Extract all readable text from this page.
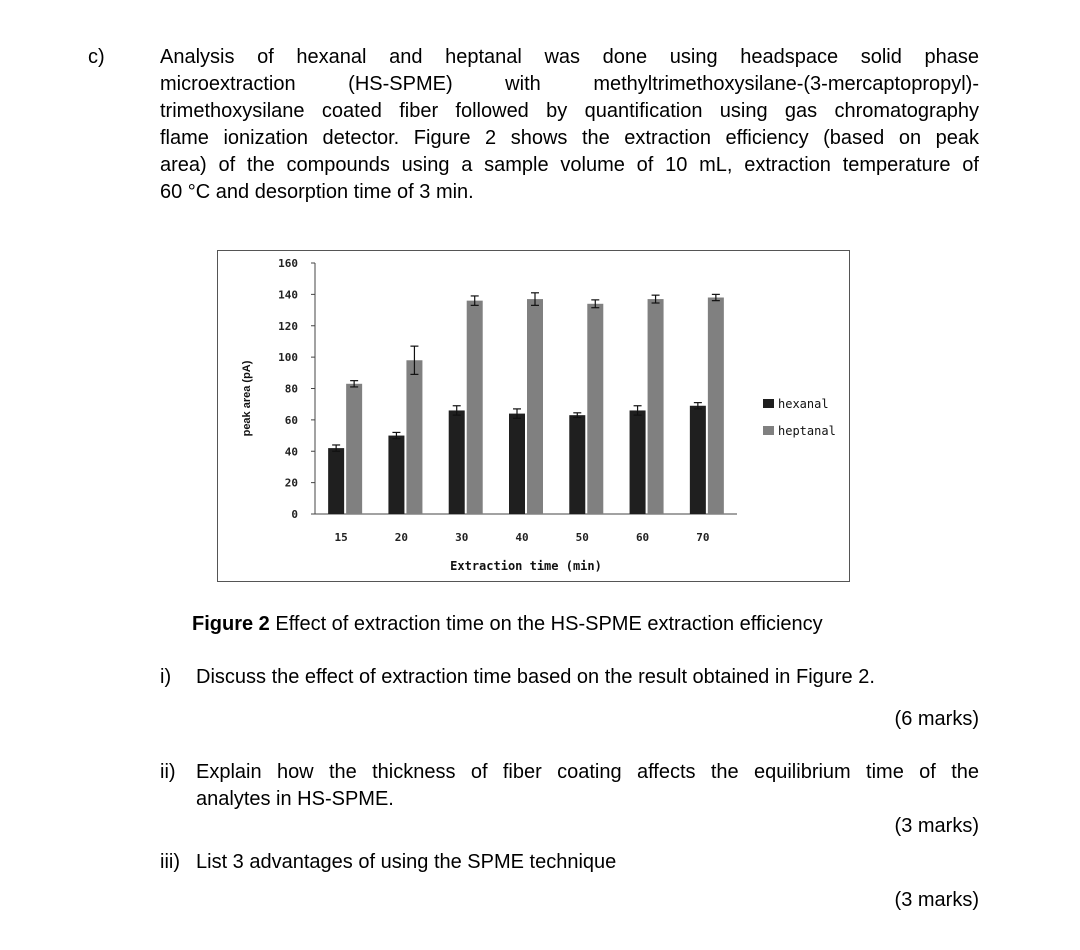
c)	Analysis of hexanal and heptanal was done using headspace solid phase
microextraction (HS-SPME) with methyltrimethoxysilane-(3-mercaptopropyl)-
trimethoxysilane coated fiber followed by quantification using gas chromatography
flame ionization detector. Figure 2 shows the extraction efficiency (based on peak
area) of the compounds using a sample volume of 10 mL, extraction temperature of
60 °C and desorption time of 3 min.
0
20
40
60
80
100
120
140
160
15	20	30	40	50	60	70
Extraction time (min)
peak area (pA)	hexanal
heptanal
Figure 2 Effect of extraction time on the HS-SPME extraction efficiency
i) Discuss the effect of extraction time based on the result obtained in Figure 2.
(6 marks)
ii) Explain how the thickness of fiber coating affects the equilibrium time of the
analytes in HS-SPME.
(3 marks)
iii) List 3 advantages of using the SPME technique
(3 marks)
